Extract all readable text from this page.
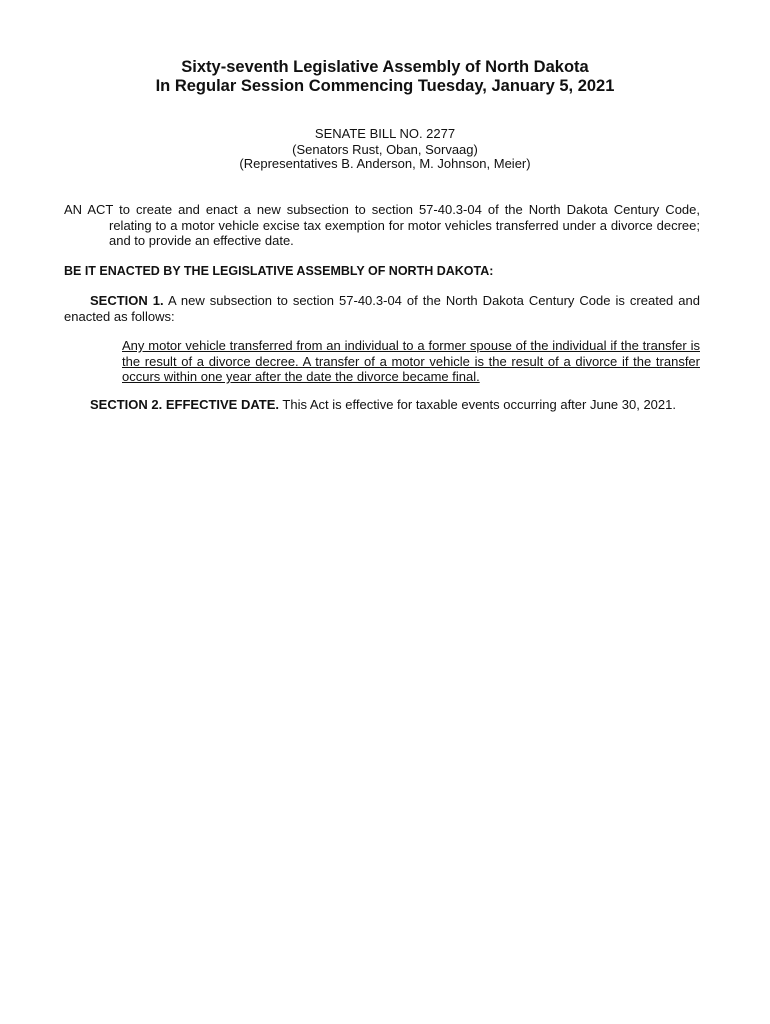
Sixty-seventh Legislative Assembly of North Dakota
In Regular Session Commencing Tuesday, January 5, 2021
SENATE BILL NO. 2277
(Senators Rust, Oban, Sorvaag)
(Representatives B. Anderson, M. Johnson, Meier)
AN ACT to create and enact a new subsection to section 57-40.3-04 of the North Dakota Century Code, relating to a motor vehicle excise tax exemption for motor vehicles transferred under a divorce decree; and to provide an effective date.
BE IT ENACTED BY THE LEGISLATIVE ASSEMBLY OF NORTH DAKOTA:
SECTION 1. A new subsection to section 57-40.3-04 of the North Dakota Century Code is created and enacted as follows:
Any motor vehicle transferred from an individual to a former spouse of the individual if the transfer is the result of a divorce decree. A transfer of a motor vehicle is the result of a divorce if the transfer occurs within one year after the date the divorce became final.
SECTION 2. EFFECTIVE DATE. This Act is effective for taxable events occurring after June 30, 2021.
